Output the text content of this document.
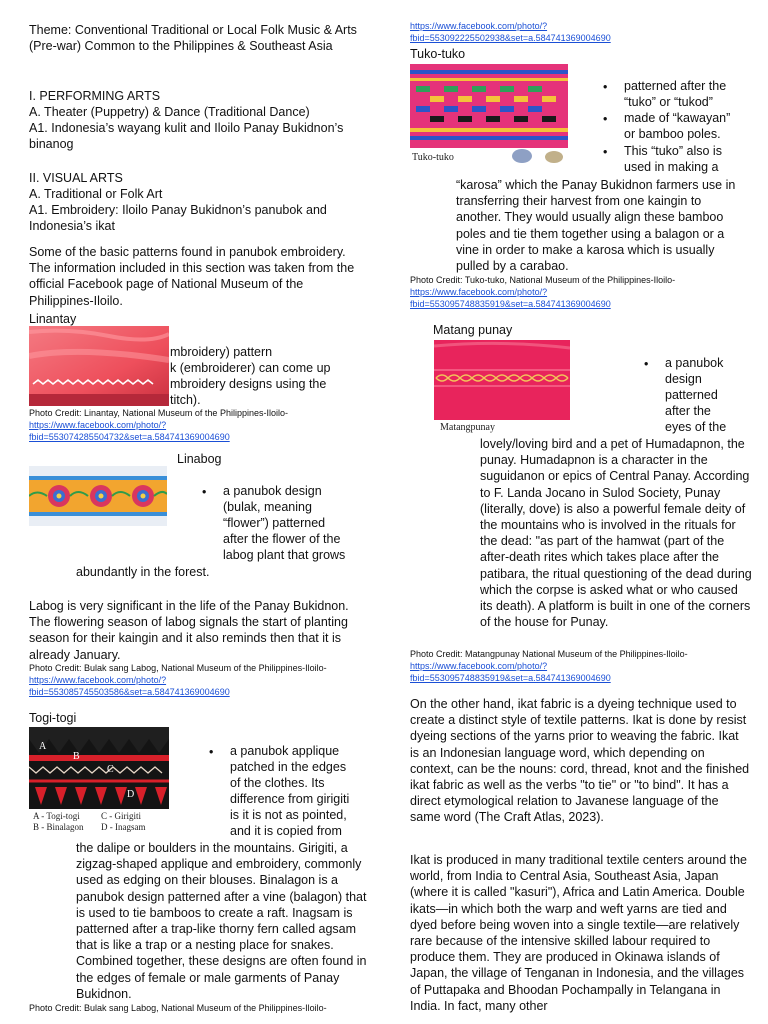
Theme: Conventional Traditional or Local Folk Music & Arts (Pre-war) Common to the Philippines & Southeast Asia
I. PERFORMING ARTS
A. Theater (Puppetry) & Dance (Traditional Dance)
A1. Indonesia’s wayang kulit and Iloilo Panay Bukidnon’s binanog
II. VISUAL ARTS
A. Traditional or Folk Art
A1. Embroidery: Iloilo Panay Bukidnon’s panubok and Indonesia’s ikat
Some of the basic patterns found in panubok embroidery. The information included in this section was taken from the official Facebook page of National Museum of the Philippines-Iloilo.
Linantay
mbroidery) pattern
k (embroiderer) can come up
mbroidery designs using the
titch).
Photo Credit: Linantay, National Museum of the Philippines-Iloilo-
https://www.facebook.com/photo/?
fbid=553074285504732&set=a.584741369004690
Linabog
• a panubok design
(bulak, meaning
“flower”) patterned
after the flower of the
labog plant that grows
abundantly in the forest.
Labog is very significant in the life of the Panay Bukidnon. The flowering season of labog signals the start of planting season for their kaingin and it also reminds then that it is already January.
Photo Credit: Bulak sang Labog, National Museum of the Philippines-Iloilo-
https://www.facebook.com/photo/?
fbid=553085745503586&set=a.584741369004690
Togi-togi
A
B
C
D
A - Togi-togi C - Girigiti
B - Binalagon D - Inagsam
• a panubok applique
patched in the edges
of the clothes. Its
difference from girigiti
is it is not as pointed,
and it is copied from
the dalipe or boulders in the mountains. Girigiti, a zigzag-shaped applique and embroidery, commonly used as edging on their blouses. Binalagon is a panubok design patterned after a vine (balagon) that is used to tie bamboos to create a raft. Inagsam is patterned after a trap-like thorny fern called agsam that is like a trap or a nesting place for snakes. Combined together, these designs are often found in the edges of female or male garments of Panay Bukidnon.
Photo Credit: Bulak sang Labog, National Museum of the Philippines-Iloilo-
https://www.facebook.com/photo/?
fbid=553092225502938&set=a.584741369004690
Tuko-tuko
Tuko-tuko
• patterned after the
“tuko” or “tukod”
• made of “kawayan”
or bamboo poles.
• This “tuko” also is
used in making a
“karosa” which the Panay Bukidnon farmers use in transferring their harvest from one kaingin to another. They would usually align these bamboo poles and tie them together using a balagon or a vine in order to make a karosa which is usually pulled by a carabao.
Photo Credit: Tuko-tuko, National Museum of the Philippines-Iloilo-
https://www.facebook.com/photo/?
fbid=553095748835919&set=a.584741369004690
Matang punay
Matangpunay
• a panubok
design
patterned
after the
eyes of the
lovely/loving bird and a pet of Humadapnon, the punay. Humadapnon is a character in the suguidanon or epics of Central Panay. According to F. Landa Jocano in Sulod Society, Punay (literally, dove) is also a powerful female deity of the mountains who is involved in the rituals for the dead: "as part of the hamwat (part of the after-death rites which takes place after the patibara, the ritual questioning of the dead during which the corpse is asked what or who caused its death). A platform is built in one of the corners of the house for Punay.
Photo Credit: Matangpunay National Museum of the Philippines-Iloilo-
https://www.facebook.com/photo/?
fbid=553095748835919&set=a.584741369004690
On the other hand, ikat fabric is a dyeing technique used to create a distinct style of textile patterns. Ikat is done by resist dyeing sections of the yarns prior to weaving the fabric. Ikat is an Indonesian language word, which depending on context, can be the nouns: cord, thread, knot and the finished ikat fabric as well as the verbs "to tie" or "to bind". It has a direct etymological relation to Javanese language of the same word (The Craft Atlas, 2023).
Ikat is produced in many traditional textile centers around the world, from India to Central Asia, Southeast Asia, Japan (where it is called "kasuri"), Africa and Latin America. Double ikats—in which both the warp and weft yarns are tied and dyed before being woven into a single textile—are relatively rare because of the intensive skilled labour required to produce them. They are produced in Okinawa islands of Japan, the village of Tenganan in Indonesia, and the villages of Puttapaka and Bhoodan Pochampally in Telangana in India. In fact, many other
